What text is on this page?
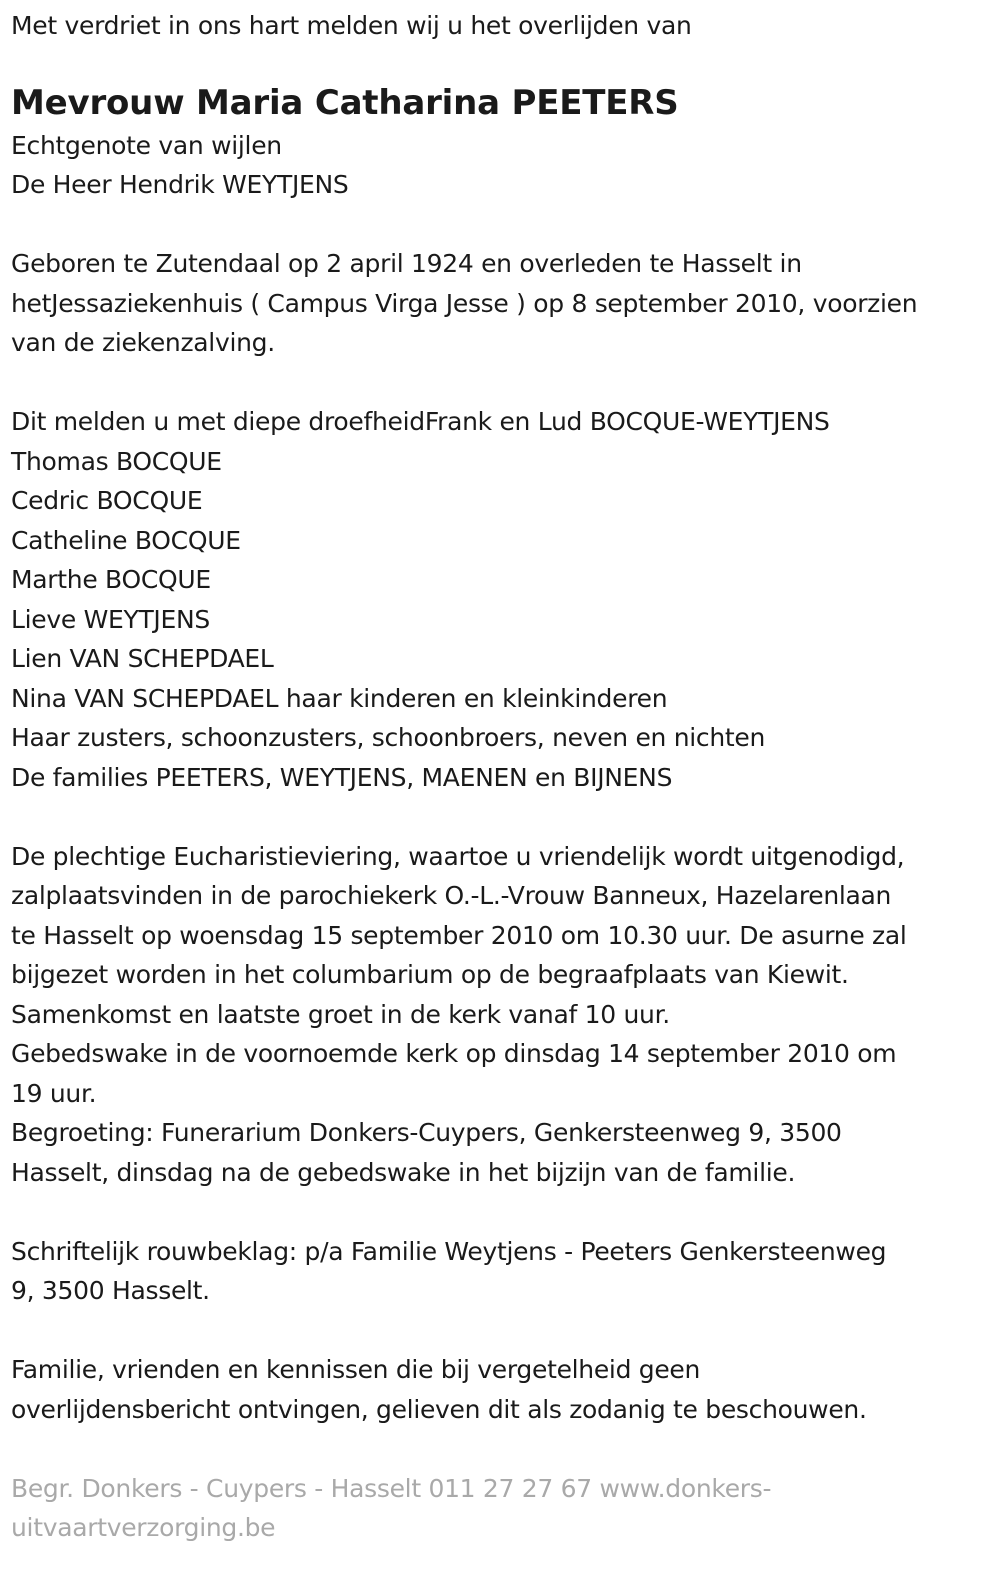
Met verdriet in ons hart melden wij u het overlijden van
Mevrouw Maria Catharina PEETERS
Echtgenote van wijlen
De Heer Hendrik WEYTJENS
Geboren te Zutendaal op 2 april 1924 en overleden te Hasselt in
hetJessaziekenhuis ( Campus Virga Jesse ) op 8 september 2010, voorzien
van de ziekenzalving.
Dit melden u met diepe droefheidFrank en Lud BOCQUE-WEYTJENS
Thomas BOCQUE
Cedric BOCQUE
Catheline BOCQUE
Marthe BOCQUE
Lieve WEYTJENS
Lien VAN SCHEPDAEL
Nina VAN SCHEPDAEL haar kinderen en kleinkinderen
Haar zusters, schoonzusters, schoonbroers, neven en nichten
De families PEETERS, WEYTJENS, MAENEN en BIJNENS
De plechtige Eucharistieviering, waartoe u vriendelijk wordt uitgenodigd,
zalplaatsvinden in de parochiekerk O.-L.-Vrouw Banneux, Hazelarenlaan
te Hasselt op woensdag 15 september 2010 om 10.30 uur. De asurne zal
bijgezet worden in het columbarium op de begraafplaats van Kiewit.
Samenkomst en laatste groet in de kerk vanaf 10 uur.
Gebedswake in de voornoemde kerk op dinsdag 14 september 2010 om
19 uur.
Begroeting: Funerarium Donkers-Cuypers, Genkersteenweg 9, 3500
Hasselt, dinsdag na de gebedswake in het bijzijn van de familie.
Schriftelijk rouwbeklag: p/a Familie Weytjens - Peeters Genkersteenweg
9, 3500 Hasselt.
Familie, vrienden en kennissen die bij vergetelheid geen
overlijdensbericht ontvingen, gelieven dit als zodanig te beschouwen.
Begr. Donkers - Cuypers - Hasselt 011 27 27 67 www.donkers-
uitvaartverzorging.be
